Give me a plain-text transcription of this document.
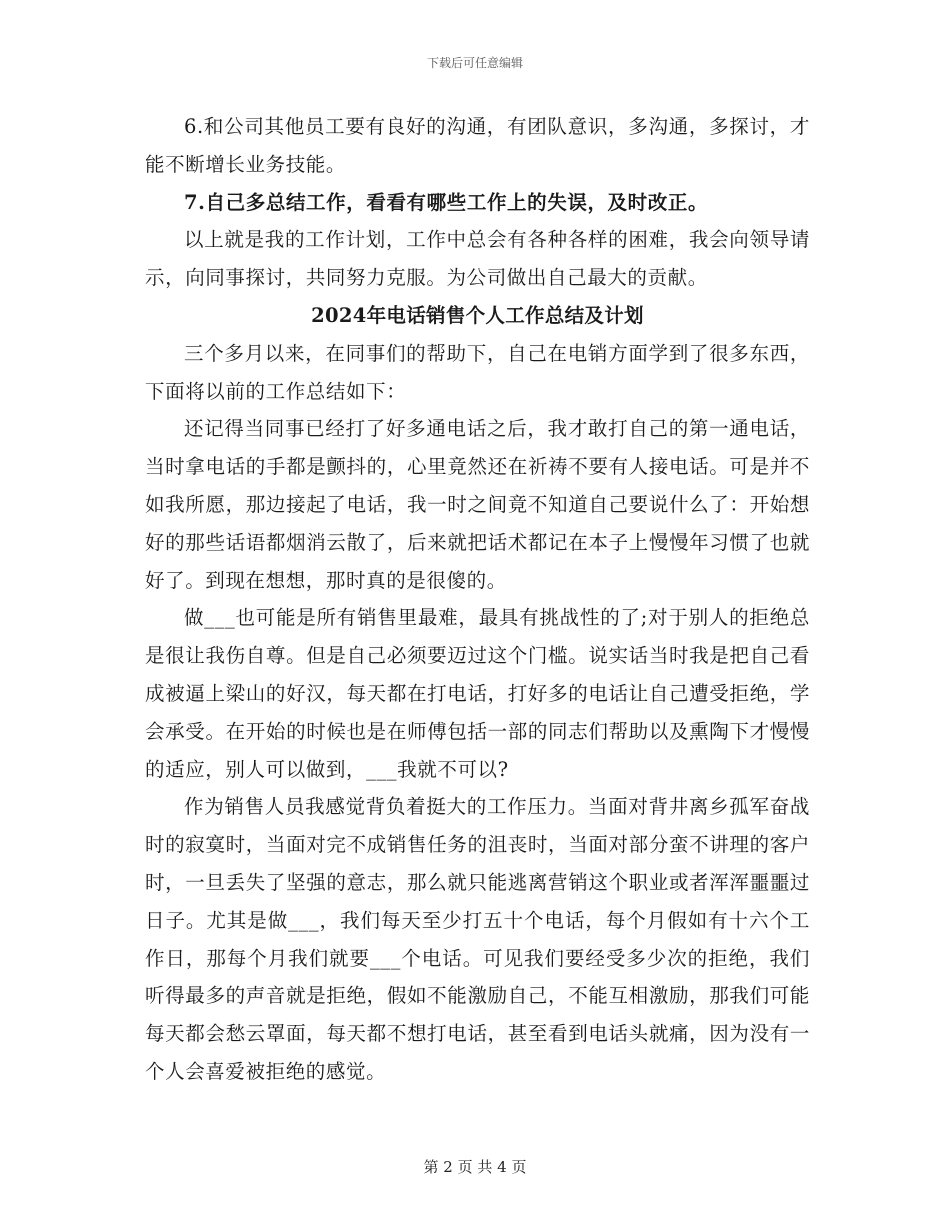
下载后可任意编辑

6.和公司其他员工要有良好的沟通，有团队意识，多沟通，多探讨，才能不断增长业务技能。

7.自己多总结工作，看看有哪些工作上的失误，及时改正。

以上就是我的工作计划，工作中总会有各种各样的困难，我会向领导请示，向同事探讨，共同努力克服。为公司做出自己最大的贡献。

2024年电话销售个人工作总结及计划

三个多月以来，在同事们的帮助下，自己在电销方面学到了很多东西，下面将以前的工作总结如下：

还记得当同事已经打了好多通电话之后，我才敢打自己的第一通电话，当时拿电话的手都是颤抖的，心里竟然还在祈祷不要有人接电话。可是并不如我所愿，那边接起了电话，我一时之间竟不知道自己要说什么了：开始想好的那些话语都烟消云散了，后来就把话术都记在本子上慢慢年习惯了也就好了。到现在想想，那时真的是很傻的。

做___也可能是所有销售里最难，最具有挑战性的了;对于别人的拒绝总是很让我伤自尊。但是自己必须要迈过这个门槛。说实话当时我是把自己看成被逼上梁山的好汉，每天都在打电话，打好多的电话让自己遭受拒绝，学会承受。在开始的时候也是在师傅包括一部的同志们帮助以及熏陶下才慢慢的适应，别人可以做到，___我就不可以?

作为销售人员我感觉背负着挺大的工作压力。当面对背井离乡孤军奋战时的寂寞时，当面对完不成销售任务的沮丧时，当面对部分蛮不讲理的客户时，一旦丢失了坚强的意志，那么就只能逃离营销这个职业或者浑浑噩噩过日子。尤其是做___，我们每天至少打五十个电话，每个月假如有十六个工作日，那每个月我们就要___个电话。可见我们要经受多少次的拒绝，我们听得最多的声音就是拒绝，假如不能激励自己，不能互相激励，那我们可能每天都会愁云罩面，每天都不想打电话，甚至看到电话头就痛，因为没有一个人会喜爱被拒绝的感觉。

第 2 页 共 4 页
